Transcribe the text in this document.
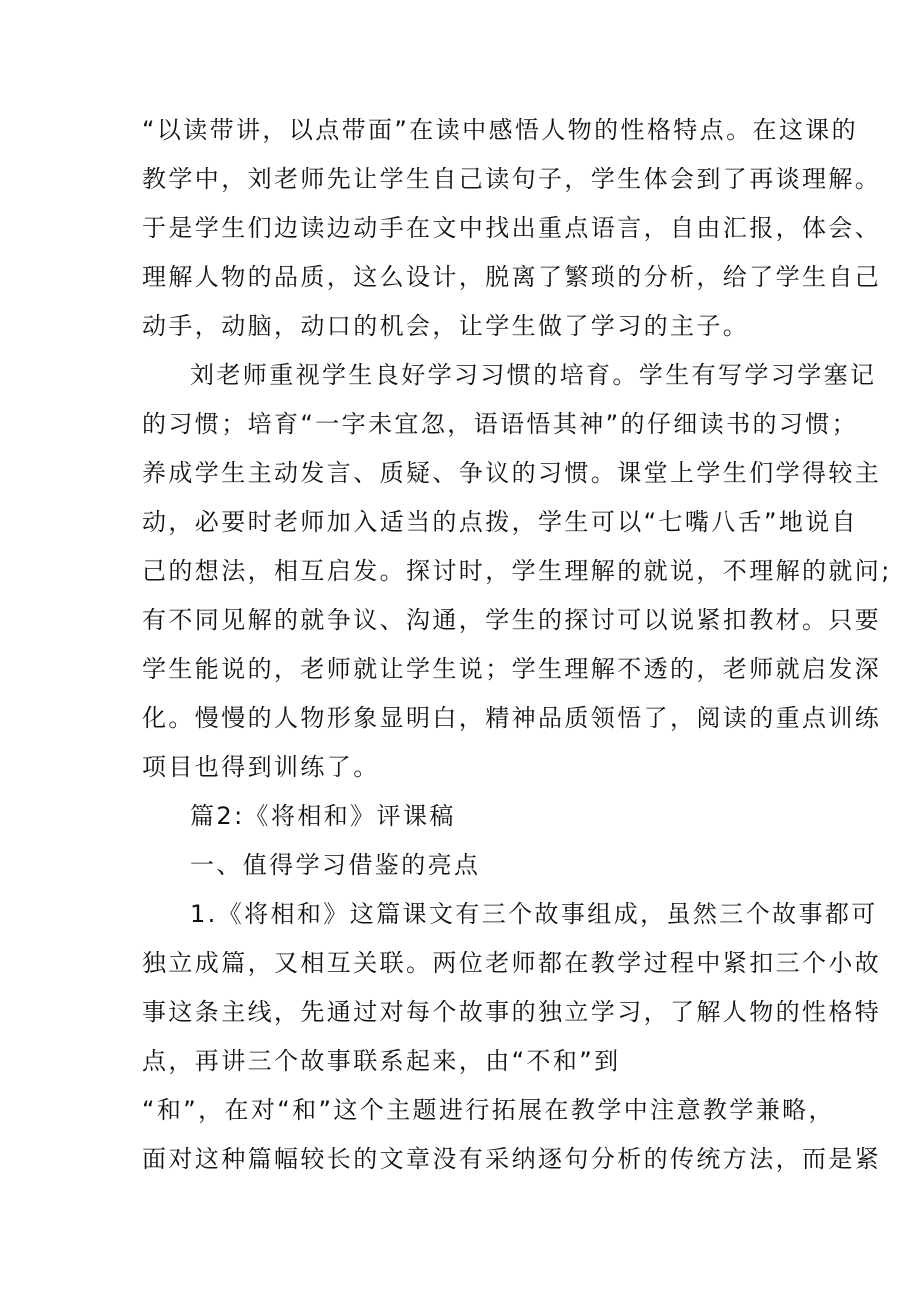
“以读带讲，以点带面”在读中感悟人物的性格特点。在这课的
教学中，刘老师先让学生自己读句子，学生体会到了再谈理解。
于是学生们边读边动手在文中找出重点语言，自由汇报，体会、
理解人物的品质，这么设计，脱离了繁琐的分析，给了学生自己
动手，动脑，动口的机会，让学生做了学习的主子。
刘老师重视学生良好学习习惯的培育。学生有写学习学塞记
的习惯；培育“一字未宜忽，语语悟其神”的仔细读书的习惯；
养成学生主动发言、质疑、争议的习惯。课堂上学生们学得较主
动，必要时老师加入适当的点拨，学生可以“七嘴八舌”地说自
己的想法，相互启发。探讨时，学生理解的就说，不理解的就问;
有不同见解的就争议、沟通，学生的探讨可以说紧扣教材。只要
学生能说的，老师就让学生说；学生理解不透的，老师就启发深
化。慢慢的人物形象显明白，精神品质领悟了，阅读的重点训练
项目也得到训练了。
篇2:《将相和》评课稿
一、值得学习借鉴的亮点
1.《将相和》这篇课文有三个故事组成，虽然三个故事都可
独立成篇，又相互关联。两位老师都在教学过程中紧扣三个小故
事这条主线，先通过对每个故事的独立学习，了解人物的性格特
点，再讲三个故事联系起来，由“不和”到
“和”，在对“和”这个主题进行拓展在教学中注意教学兼略，
面对这种篇幅较长的文章没有采纳逐句分析的传统方法，而是紧
